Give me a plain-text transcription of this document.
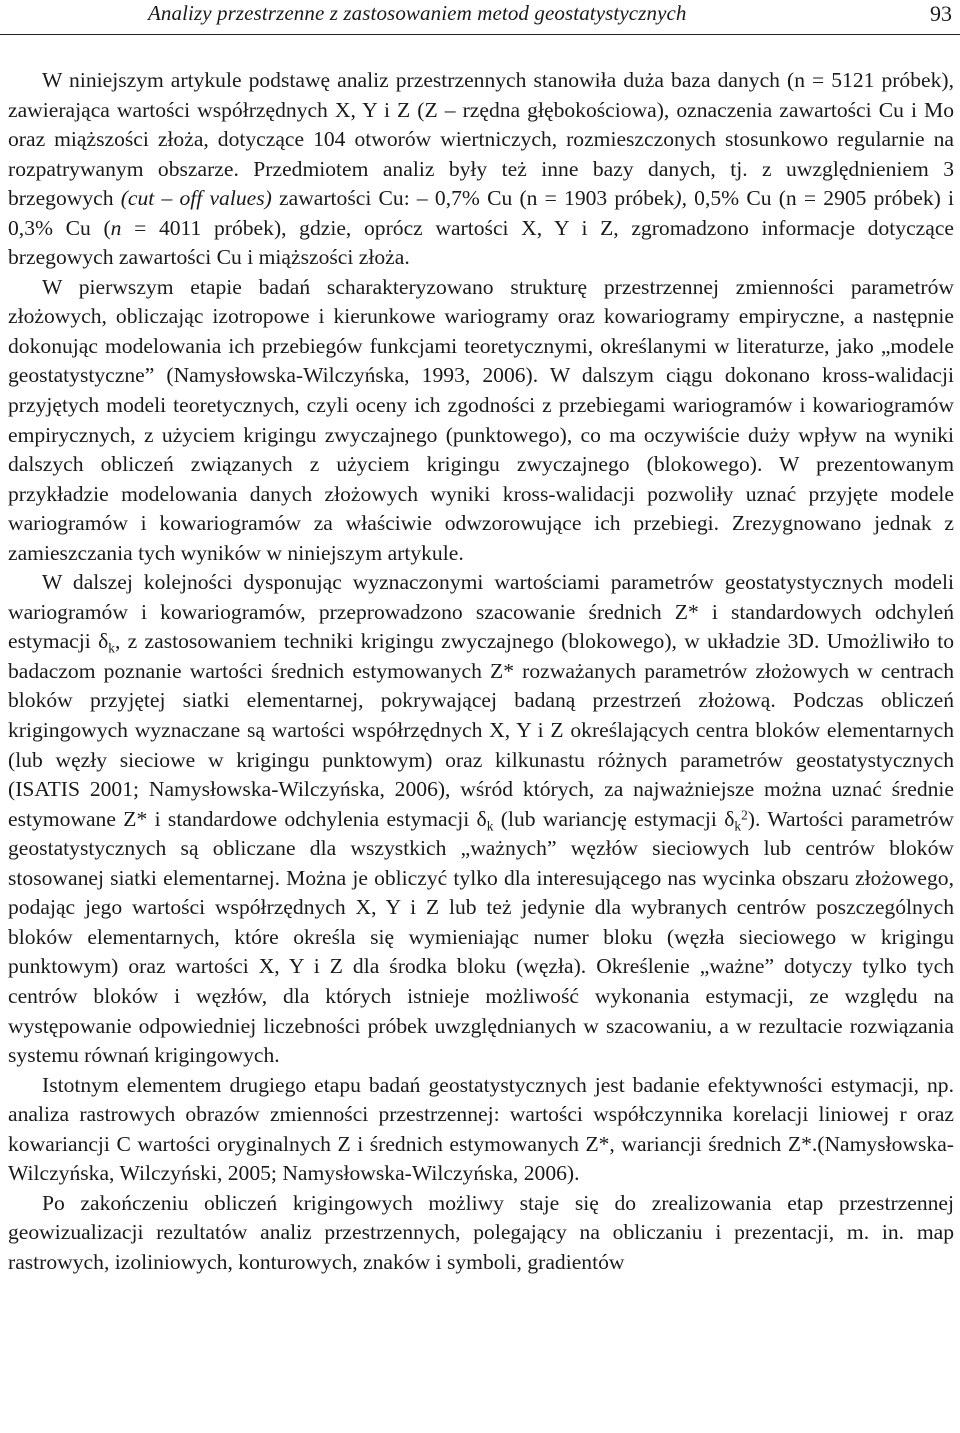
Analizy przestrzenne z zastosowaniem metod geostatystycznych	93

W niniejszym artykule podstawę analiz przestrzennych stanowiła duża baza danych (n = 5121 próbek), zawierająca wartości współrzędnych X, Y i Z (Z – rzędna głębokościowa), oznaczenia zawartości Cu i Mo oraz miąższości złoża, dotyczące 104 otworów wiertniczych, rozmieszczonych stosunkowo regularnie na rozpatrywanym obszarze. Przedmiotem analiz były też inne bazy danych, tj. z uwzględnieniem 3 brzegowych (cut – off values) zawartości Cu: – 0,7% Cu (n = 1903 próbek), 0,5% Cu (n = 2905 próbek) i 0,3% Cu (n = 4011 próbek), gdzie, oprócz wartości X, Y i Z, zgromadzono informacje dotyczące brzegowych zawartości Cu i miąższości złoża.

W pierwszym etapie badań scharakteryzowano strukturę przestrzennej zmienności parametrów złożowych, obliczając izotropowe i kierunkowe wariogramy oraz kowariogramy empiryczne, a następnie dokonując modelowania ich przebiegów funkcjami teoretycznymi, określanymi w literaturze, jako „modele geostatystyczne” (Namysłowska-Wilczyńska, 1993, 2006). W dalszym ciągu dokonano kross-walidacji przyjętych modeli teoretycznych, czyli oceny ich zgodności z przebiegami wariogramów i kowariogramów empirycznych, z użyciem krigingu zwyczajnego (punktowego), co ma oczywiście duży wpływ na wyniki dalszych obliczeń związanych z użyciem krigingu zwyczajnego (blokowego). W prezentowanym przykładzie modelowania danych złożowych wyniki kross-walidacji pozwoliły uznać przyjęte modele wariogramów i kowariogramów za właściwie odwzorowujące ich przebiegi. Zrezygnowano jednak z zamieszczania tych wyników w niniejszym artykule.

W dalszej kolejności dysponując wyznaczonymi wartościami parametrów geostatystycznych modeli wariogramów i kowariogramów, przeprowadzono szacowanie średnich Z* i standardowych odchyleń estymacji $\delta_k$, z zastosowaniem techniki krigingu zwyczajnego (blokowego), w układzie 3D. Umożliwiło to badaczom poznanie wartości średnich estymowanych Z* rozważanych parametrów złożowych w centrach bloków przyjętej siatki elementarnej, pokrywającej badaną przestrzeń złożową. Podczas obliczeń krigingowych wyznaczane są wartości współrzędnych X, Y i Z określających centra bloków elementarnych (lub węzły sieciowe w krigingu punktowym) oraz kilkunastu różnych parametrów geostatystycznych (ISATIS 2001; Namysłowska-Wilczyńska, 2006), wśród których, za najważniejsze można uznać średnie estymowane Z* i standardowe odchylenia estymacji $\delta_k$ (lub wariancję estymacji $\delta_k^2$). Wartości parametrów geostatystycznych są obliczane dla wszystkich „ważnych” węzłów sieciowych lub centrów bloków stosowanej siatki elementarnej. Można je obliczyć tylko dla interesującego nas wycinka obszaru złożowego, podając jego wartości współrzędnych X, Y i Z lub też jedynie dla wybranych centrów poszczególnych bloków elementarnych, które określa się wymieniając numer bloku (węzła sieciowego w krigingu punktowym) oraz wartości X, Y i Z dla środka bloku (węzła). Określenie „ważne” dotyczy tylko tych centrów bloków i węzłów, dla których istnieje możliwość wykonania estymacji, ze względu na występowanie odpowiedniej liczebności próbek uwzględnianych w szacowaniu, a w rezultacie rozwiązania systemu równań krigingowych.

Istotnym elementem drugiego etapu badań geostatystycznych jest badanie efektywności estymacji, np. analiza rastrowych obrazów zmienności przestrzennej: wartości współczynnika korelacji liniowej r oraz kowariancji C wartości oryginalnych Z i średnich estymowanych Z*, wariancji średnich Z*.(Namysłowska-Wilczyńska, Wilczyński, 2005; Namysłowska-Wilczyńska, 2006).

Po zakończeniu obliczeń krigingowych możliwy staje się do zrealizowania etap przestrzennej geowizualizacji rezultatów analiz przestrzennych, polegający na obliczaniu i prezentacji, m. in. map rastrowych, izoliniowych, konturowych, znaków i symboli, gradientów
